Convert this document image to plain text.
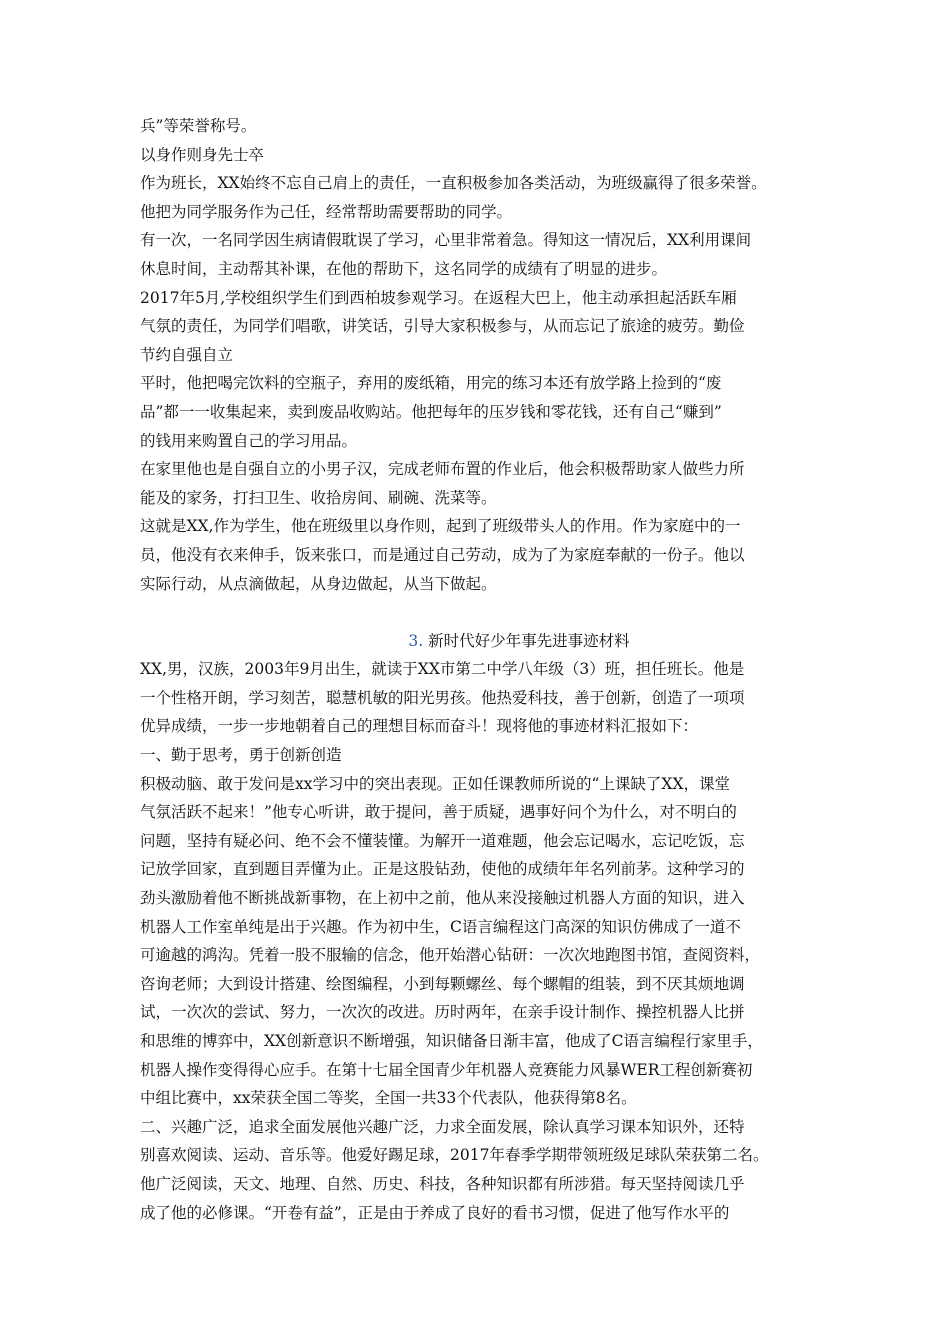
兵”等荣誉称号。
以身作则身先士卒
作为班长，XX始终不忘自己肩上的责任，一直积极参加各类活动，为班级赢得了很多荣誉。
他把为同学服务作为己任，经常帮助需要帮助的同学。
有一次，一名同学因生病请假耽误了学习，心里非常着急。得知这一情况后，XX利用课间
休息时间，主动帮其补课，在他的帮助下，这名同学的成绩有了明显的进步。
2017年5月,学校组织学生们到西柏坡参观学习。在返程大巴上，他主动承担起活跃车厢
气氛的责任，为同学们唱歌，讲笑话，引导大家积极参与，从而忘记了旅途的疲劳。勤俭
节约自强自立
平时，他把喝完饮料的空瓶子，弃用的废纸箱，用完的练习本还有放学路上捡到的“废
品”都一一收集起来，卖到废品收购站。他把每年的压岁钱和零花钱，还有自己“赚到”
的钱用来购置自己的学习用品。
在家里他也是自强自立的小男子汉，完成老师布置的作业后，他会积极帮助家人做些力所
能及的家务，打扫卫生、收拾房间、刷碗、洗菜等。
这就是XX,作为学生，他在班级里以身作则，起到了班级带头人的作用。作为家庭中的一
员，他没有衣来伸手，饭来张口，而是通过自己劳动，成为了为家庭奉献的一份子。他以
实际行动，从点滴做起，从身边做起，从当下做起。
3. 新时代好少年事先进事迹材料
XX,男，汉族，2003年9月出生，就读于XX市第二中学八年级（3）班，担任班长。他是
一个性格开朗，学习刻苦，聪慧机敏的阳光男孩。他热爱科技，善于创新，创造了一项项
优异成绩，一步一步地朝着自己的理想目标而奋斗！现将他的事迹材料汇报如下：
一、勤于思考，勇于创新创造
积极动脑、敢于发问是xx学习中的突出表现。正如任课教师所说的“上课缺了XX，课堂
气氛活跃不起来！”他专心听讲，敢于提问，善于质疑，遇事好问个为什么，对不明白的
问题，坚持有疑必问、绝不会不懂装懂。为解开一道难题，他会忘记喝水，忘记吃饭，忘
记放学回家，直到题目弄懂为止。正是这股钻劲，使他的成绩年年名列前茅。这种学习的
劲头激励着他不断挑战新事物，在上初中之前，他从来没接触过机器人方面的知识，进入
机器人工作室单纯是出于兴趣。作为初中生，C语言编程这门高深的知识仿佛成了一道不
可逾越的鸿沟。凭着一股不服输的信念，他开始潜心钻研：一次次地跑图书馆，查阅资料，
咨询老师；大到设计搭建、绘图编程，小到每颗螺丝、每个螺帽的组装，到不厌其烦地调
试，一次次的尝试、努力，一次次的改进。历时两年，在亲手设计制作、操控机器人比拼
和思维的博弈中，XX创新意识不断增强，知识储备日渐丰富，他成了C语言编程行家里手，
机器人操作变得得心应手。在第十七届全国青少年机器人竞赛能力风暴WER工程创新赛初
中组比赛中，xx荣获全国二等奖，全国一共33个代表队，他获得第8名。
二、兴趣广泛，追求全面发展他兴趣广泛，力求全面发展，除认真学习课本知识外，还特
别喜欢阅读、运动、音乐等。他爱好踢足球，2017年春季学期带领班级足球队荣获第二名。
他广泛阅读，天文、地理、自然、历史、科技，各种知识都有所涉猎。每天坚持阅读几乎
成了他的必修课。“开卷有益”，正是由于养成了良好的看书习惯，促进了他写作水平的
